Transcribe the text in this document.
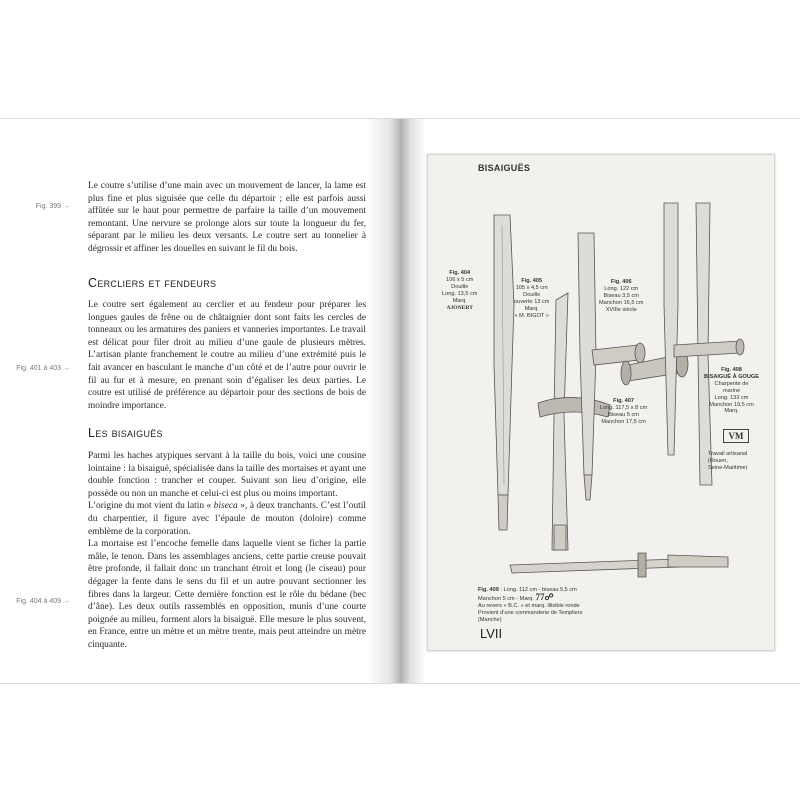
Le coutre s’utilise d’une main avec un mouvement de lancer, la lame est plus fine et plus siguisée que celle du départoir ; elle est parfois aussi affûtée sur le haut pour permettre de parfaire la taille d’un mouvement remontant. Une nervure se prolonge alors sur toute la longueur du fer, séparant par le milieu les deux versants. Le coutre sert au tonnelier à dégrossir et affiner les douelles en suivant le fil du bois.

Fig. 399 →
Cercliers et fendeurs

Le coutre sert également au cerclier et au fendeur pour préparer les longues gaules de frêne ou de châtaignier dont sont faits les cercles de tonneaux ou les armatures des paniers et vanneries importantes. Le travail est délicat pour filer droit au milieu d’une gaule de plusieurs mètres. L’artisan plante franchement le coutre au milieu d’une extrémité puis le fait avancer en basculant le manche d’un côté et de l’autre pour ouvrir le fil au fur et à mesure, en prenant soin d’égaliser les deux parties. Le coutre est utilisé de préférence au départoir pour des sections de bois de moindre importance.

Fig. 401 à 403 →
Les bisaiguës

Parmi les haches atypiques servant à la taille du bois, voici une cousine lointaine : la bisaiguë, spécialisée dans la taille des mortaises et ayant une double fonction : trancher et couper. Suivant son lieu d’origine, elle possède ou non un manche et celui-ci est plus ou moins important.

L’origine du mot vient du latin « biseca », à deux tranchants. C’est l’outil du charpentier, il figure avec l’épaule de mouton (doloire) comme emblème de la corporation.

La mortaise est l’encoche femelle dans laquelle vient se ficher la partie mâle, le tenon. Dans les assemblages anciens, cette partie creuse pouvait être profonde, il fallait donc un tranchant étroit et long (le ciseau) pour dégager la fente dans le sens du fil et un autre pouvant sectionner les fibres dans la largeur. Cette dernière fonction est le rôle du bédane (bec d’âne). Les deux outils rassemblés en opposition, munis d’une courte poignée au milieu, forment alors la bisaiguë. Elle mesure le plus souvent, en France, entre un mètre et un mètre trente, mais peut atteindre un mètre cinquante.

Fig. 404 à 409 →
BISAIGUËS
Fig. 404
106 x 5 cm
Douille
Long. 13,5 cm
Marq.
AJONERT
Fig. 405
105 x 4,5 cm
Douille
ouverte 13 cm
Marq.
« M. BIGOT »
Fig. 406
Long. 122 cm
Biseau 3,5 cm
Manchon 16,5 cm
XVIIIe siècle
Fig. 407
Long. 117,5 x 8 cm
Biseau 5 cm
Manchon 17,5 cm
Fig. 408
BISAIGUË À GOUGE
Charpente de
marine
Long. 133 cm
Manchon 19,5 cm
Marq.
VM
Travail artisanal
(Rouen,
Seine-Maritime)
Fig. 409 : Long. 112 cm - biseau 5,5 cm
Manchon 5 cm - Marq. 77☍
Au revers « B.C. » et marq. illisible ronde
Provient d’une commanderie de Templiers
(Manche)
LVII
